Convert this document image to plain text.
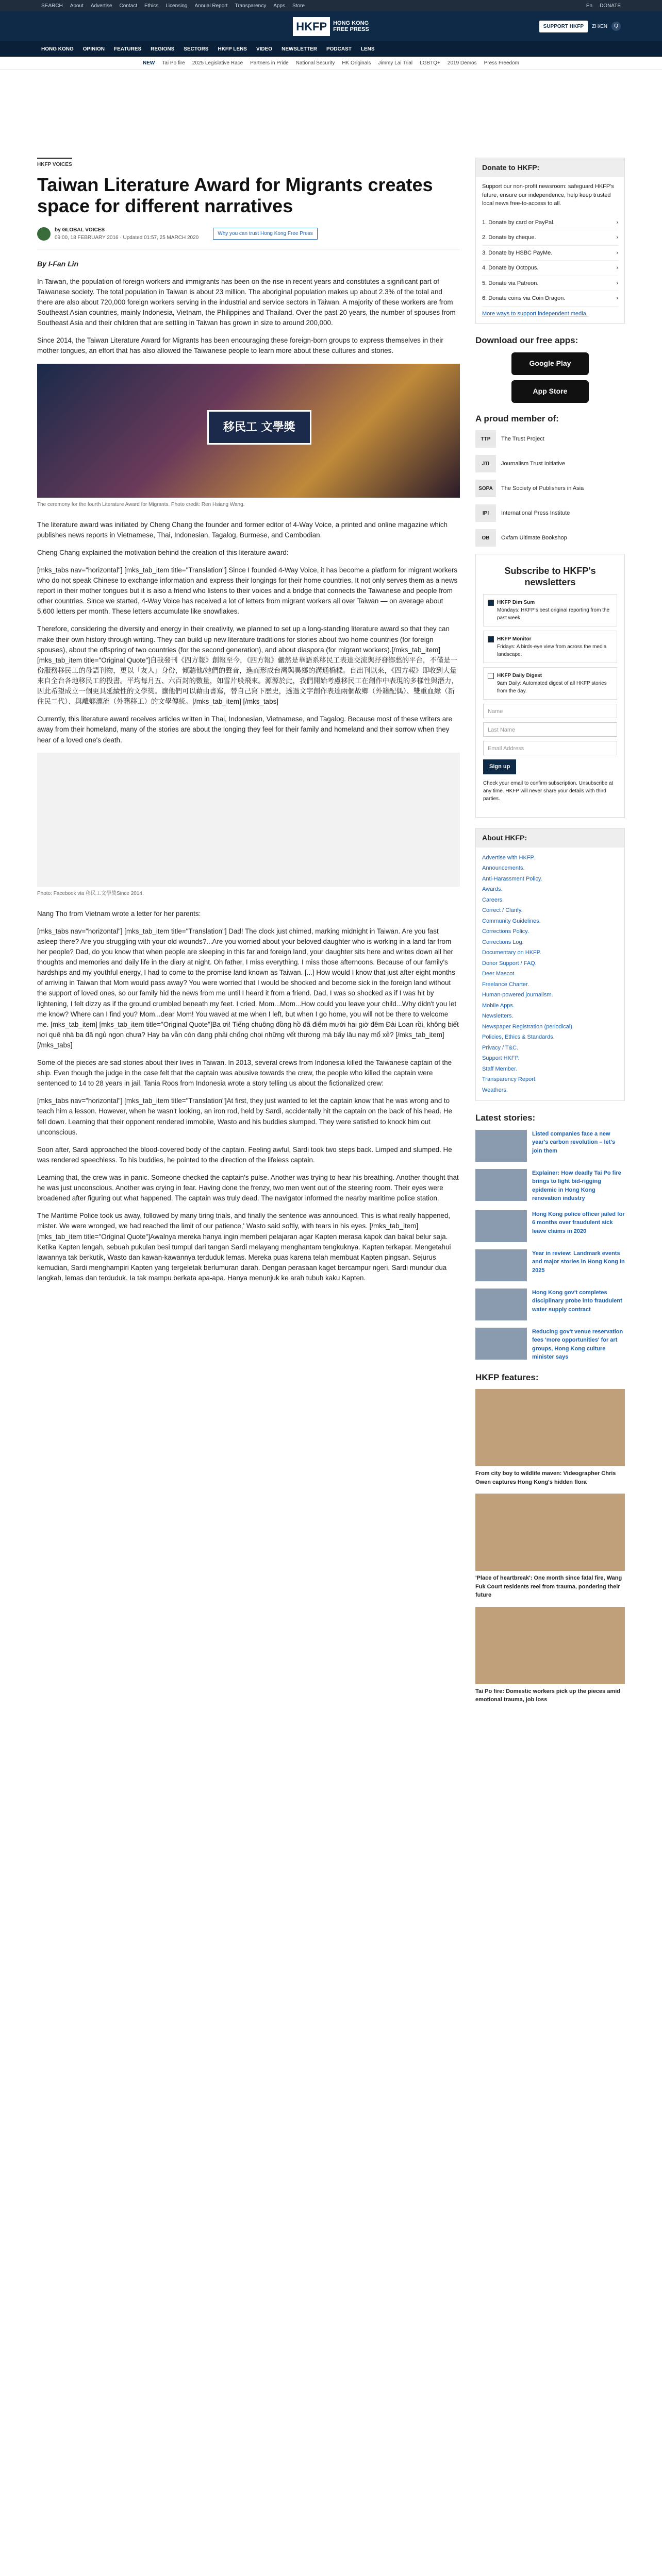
SEARCH About Advertise Contact Ethics Licensing Annual Report Transparency Apps Store	En DONATE
HKFP	HONG KONG
FREE PRESS	SUPPORT HKFP	ZH/EN	Q
HONG KONG OPINION FEATURES REGIONS SECTORS HKFP LENS VIDEO NEWSLETTER PODCAST LENS
NEW Tai Po fire 2025 Legislative Race Partners in Pride National Security HK Originals Jimmy Lai Trial LGBTQ+ 2019 Demos Press Freedom
HKFP VOICES
Taiwan Literature Award for Migrants creates space for different narratives
by GLOBAL VOICES
09:00, 18 FEBRUARY 2016 · Updated 01:57, 25 MARCH 2020
Why you can trust Hong Kong Free Press
By I-Fan Lin

In Taiwan, the population of foreign workers and immigrants has been on the rise in recent years and constitutes a significant part of Taiwanese society. The total population in Taiwan is about 23 million. The aboriginal population makes up about 2.3% of the total and there are also about 720,000 foreign workers serving in the industrial and service sectors in Taiwan. A majority of these workers are from Southeast Asian countries, mainly Indonesia, Vietnam, the Philippines and Thailand. Over the past 20 years, the number of spouses from Southeast Asia and their children that are settling in Taiwan has grown in size to around 200,000.

Since 2014, the Taiwan Literature Award for Migrants has been encouraging these foreign-born groups to express themselves in their mother tongues, an effort that has also allowed the Taiwanese people to learn more about these cultures and stories.

移民工 文學獎
The ceremony for the fourth Literature Award for Migrants. Photo credit: Ren Hsiang Wang.

The literature award was initiated by Cheng Chang the founder and former editor of 4-Way Voice, a printed and online magazine which publishes news reports in Vietnamese, Thai, Indonesian, Tagalog, Burmese, and Cambodian.

Cheng Chang explained the motivation behind the creation of this literature award:

[mks_tabs nav="horizontal"] [mks_tab_item title="Translation"] Since I founded 4-Way Voice, it has become a platform for migrant workers who do not speak Chinese to exchange information and express their longings for their home countries. It not only serves them as a news report in their mother tongues but it is also a friend who listens to their voices and a bridge that connects the Taiwanese and people from other countries. Since we started, 4-Way Voice has received a lot of letters from migrant workers all over Taiwan — on average about 5,600 letters per month. These letters accumulate like snowflakes.

Therefore, considering the diversity and energy in their creativity, we planned to set up a long-standing literature award so that they can make their own history through writing. They can build up new literature traditions for stories about two home countries (for foreign spouses), about the offspring of two countries (for the second generation), and about diaspora (for migrant workers).[/mks_tab_item] [mks_tab_item title="Original Quote"]自我發刊《四方報》創報至今，《四方報》儼然是華語系移民工表達交流與抒發鄉愁的平台，不僅是一份服務移民工的母語刊物，更以「友人」身份，傾聽他/她們的聲音，進而形成台灣與異鄉的溝通橋樑。自出刊以來，《四方報》即收到大量來自全台各地移民工的投書。平均每月五、六百封的數量，如雪片般飛來。源源於此，我們開始考慮移民工在創作中表現的多樣性與潛力，因此希望成立一個更具延續性的文學獎。讓他們可以藉由書寫，替自己寫下歷史，透過文字創作表達兩個故鄉（外籍配偶）、雙重血緣（新住民二代）、與離鄉漂流（外籍移工）的文學傳統。[/mks_tab_item] [/mks_tabs]

Currently, this literature award receives articles written in Thai, Indonesian, Vietnamese, and Tagalog. Because most of these writers are away from their homeland, many of the stories are about the longing they feel for their family and homeland and their sorrow when they hear of a loved one's death.

Photo: Facebook via 移民工文學獎Since 2014.

Nang Tho from Vietnam wrote a letter for her parents:

[mks_tabs nav="horizontal"] [mks_tab_item title="Translation"] Dad! The clock just chimed, marking midnight in Taiwan. Are you fast asleep there? Are you struggling with your old wounds?...Are you worried about your beloved daughter who is working in a land far from her people? Dad, do you know that when people are sleeping in this far and foreign land, your daughter sits here and writes down all her thoughts and memories and daily life in the diary at night. Oh father, I miss everything. I miss those afternoons. Because of our family's hardships and my youthful energy, I had to come to the promise land known as Taiwan. [...] How would I know that just after eight months of arriving in Taiwan that Mom would pass away? You were worried that I would be shocked and become sick in the foreign land without the support of loved ones, so our family hid the news from me until I heard it from a friend. Dad, I was so shocked as if I was hit by lightening, I felt dizzy as if the ground crumbled beneath my feet. I cried. Mom...Mom...How could you leave your child...Why didn't you let me know? Where can I find you? Mom...dear Mom! You waved at me when I left, but when I go home, you will not be there to welcome me. [mks_tab_item] [mks_tab_item title="Original Quote"]Ba ơi! Tiếng chuông đồng hồ đã điểm mười hai giờ đêm Đài Loan rồi, không biết nơi quê nhà ba đã ngủ ngon chưa? Hay ba vẫn còn đang phải chống chọi những vết thương mà bấy lâu nay mổ xẻ? [/mks_tab_item] [/mks_tabs]

Some of the pieces are sad stories about their lives in Taiwan. In 2013, several crews from Indonesia killed the Taiwanese captain of the ship. Even though the judge in the case felt that the captain was abusive towards the crew, the people who killed the captain were sentenced to 14 to 28 years in jail. Tania Roos from Indonesia wrote a story telling us about the fictionalized crew:

[mks_tabs nav="horizontal"] [mks_tab_item title="Translation"]At first, they just wanted to let the captain know that he was wrong and to teach him a lesson. However, when he wasn't looking, an iron rod, held by Sardi, accidentally hit the captain on the back of his head. He fell down. Learning that their opponent rendered immobile, Wasto and his buddies slumped. They were satisfied to knock him out unconscious.

Soon after, Sardi approached the blood-covered body of the captain. Feeling awful, Sardi took two steps back. Limped and slumped. He was rendered speechless. To his buddies, he pointed to the direction of the lifeless captain.

Learning that, the crew was in panic. Someone checked the captain's pulse. Another was trying to hear his breathing. Another thought that he was just unconscious. Another was crying in fear. Having done the frenzy, two men went out of the steering room. Their eyes were broadened after figuring out what happened. The captain was truly dead. The navigator informed the nearby maritime police station.

The Maritime Police took us away, followed by many tiring trials, and finally the sentence was announced. This is what really happened, mister. We were wronged, we had reached the limit of our patience,' Wasto said softly, with tears in his eyes. [/mks_tab_item] [mks_tab_item title="Original Quote"]Awalnya mereka hanya ingin memberi pelajaran agar Kapten merasa kapok dan bakal belur saja. Ketika Kapten lengah, sebuah pukulan besi tumpul dari tangan Sardi melayang menghantam tengkuknya. Kapten terkapar. Mengetahui lawannya tak berkutik, Wasto dan kawan-kawannya terduduk lemas. Mereka puas karena telah membuat Kapten pingsan. Sejurus kemudian, Sardi menghampiri Kapten yang tergeletak berlumuran darah. Dengan perasaan kaget bercampur ngeri, Sardi mundur dua langkah, lemas dan terduduk. Ia tak mampu berkata apa-apa. Hanya menunjuk ke arah tubuh kaku Kapten.

Donate to HKFP:

Support our non-profit newsroom: safeguard HKFP's future, ensure our independence, help keep trusted local news free-to-access to all.

1. Donate by card or PayPal.	›
2. Donate by cheque.	›
3. Donate by HSBC PayMe.	›
4. Donate by Octopus.	›
5. Donate via Patreon.	›
6. Donate coins via Coin Dragon.	›
More ways to support independent media.
Download our free apps:
Google Play
App Store
A proud member of:
TTP	The Trust Project
JTI	Journalism Trust Initiative
SOPA	The Society of Publishers in Asia
IPI	International Press Institute
OB	Oxfam Ultimate Bookshop
Subscribe to HKFP's newsletters
HKFP Dim Sum
Mondays: HKFP's best original reporting from the past week.
HKFP Monitor
Fridays: A birds-eye view from across the media landscape.
HKFP Daily Digest
9am Daily: Automated digest of all HKFP stories from the day.
Name
Last Name
Email Address
Sign up

Check your email to confirm subscription. Unsubscribe at any time. HKFP will never share your details with third parties.

About HKFP:
Advertise with HKFP.
Announcements.
Anti-Harassment Policy.
Awards.
Careers.
Correct / Clarify.
Community Guidelines.
Corrections Policy.
Corrections Log.
Documentary on HKFP.
Donor Support / FAQ.
Deer Mascot.
Freelance Charter.
Human-powered journalism.
Mobile Apps.
Newsletters.
Newspaper Registration (periodical).
Policies, Ethics & Standards.
Privacy / T&C.
Support HKFP.
Staff Member.
Transparency Report.
Weathers.
Latest stories:
Listed companies face a new year's carbon revolution – let's join them
Explainer: How deadly Tai Po fire brings to light bid-rigging epidemic in Hong Kong renovation industry
Hong Kong police officer jailed for 6 months over fraudulent sick leave claims in 2020
Year in review: Landmark events and major stories in Hong Kong in 2025
Hong Kong gov't completes disciplinary probe into fraudulent water supply contract
Reducing gov't venue reservation fees 'more opportunities' for art groups, Hong Kong culture minister says
HKFP features:
From city boy to wildlife maven: Videographer Chris Owen captures Hong Kong's hidden flora
'Place of heartbreak': One month since fatal fire, Wang Fuk Court residents reel from trauma, pondering their future
Tai Po fire: Domestic workers pick up the pieces amid emotional trauma, job loss
